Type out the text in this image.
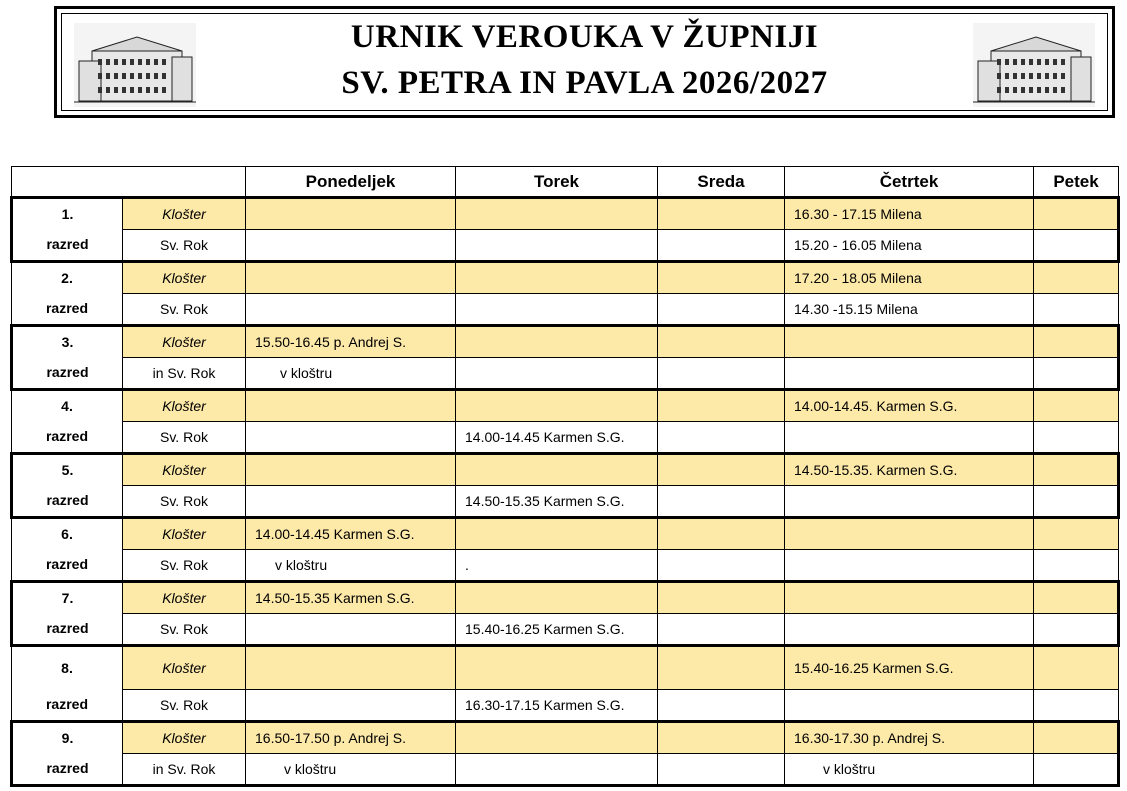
URNIK VEROUKA V ŽUPNIJI
SV. PETRA IN PAVLA 2026/2027
		Ponedeljek	Torek	Sreda	Četrtek	Petek
1.	Klošter				16.30 - 17.15 Milena	
razred	Sv. Rok				15.20 - 16.05 Milena	
2.	Klošter				17.20 - 18.05 Milena	
razred	Sv. Rok				14.30 -15.15 Milena	
3.	Klošter	15.50-16.45 p. Andrej S.				
razred	in Sv. Rok	v kloštru				
4.	Klošter				14.00-14.45. Karmen S.G.	
razred	Sv. Rok		14.00-14.45 Karmen S.G.			
5.	Klošter				14.50-15.35. Karmen S.G.	
razred	Sv. Rok		14.50-15.35 Karmen S.G.			
6.	Klošter	14.00-14.45 Karmen S.G.				
razred	Sv. Rok	v kloštru	.			
7.	Klošter	14.50-15.35 Karmen S.G.				
razred	Sv. Rok		15.40-16.25 Karmen S.G.			
8.	Klošter				15.40-16.25 Karmen S.G.	
razred	Sv. Rok		16.30-17.15 Karmen S.G.			
9.	Klošter	16.50-17.50 p. Andrej S.			16.30-17.30 p. Andrej S.	
razred	in Sv. Rok	v kloštru			v kloštru	
